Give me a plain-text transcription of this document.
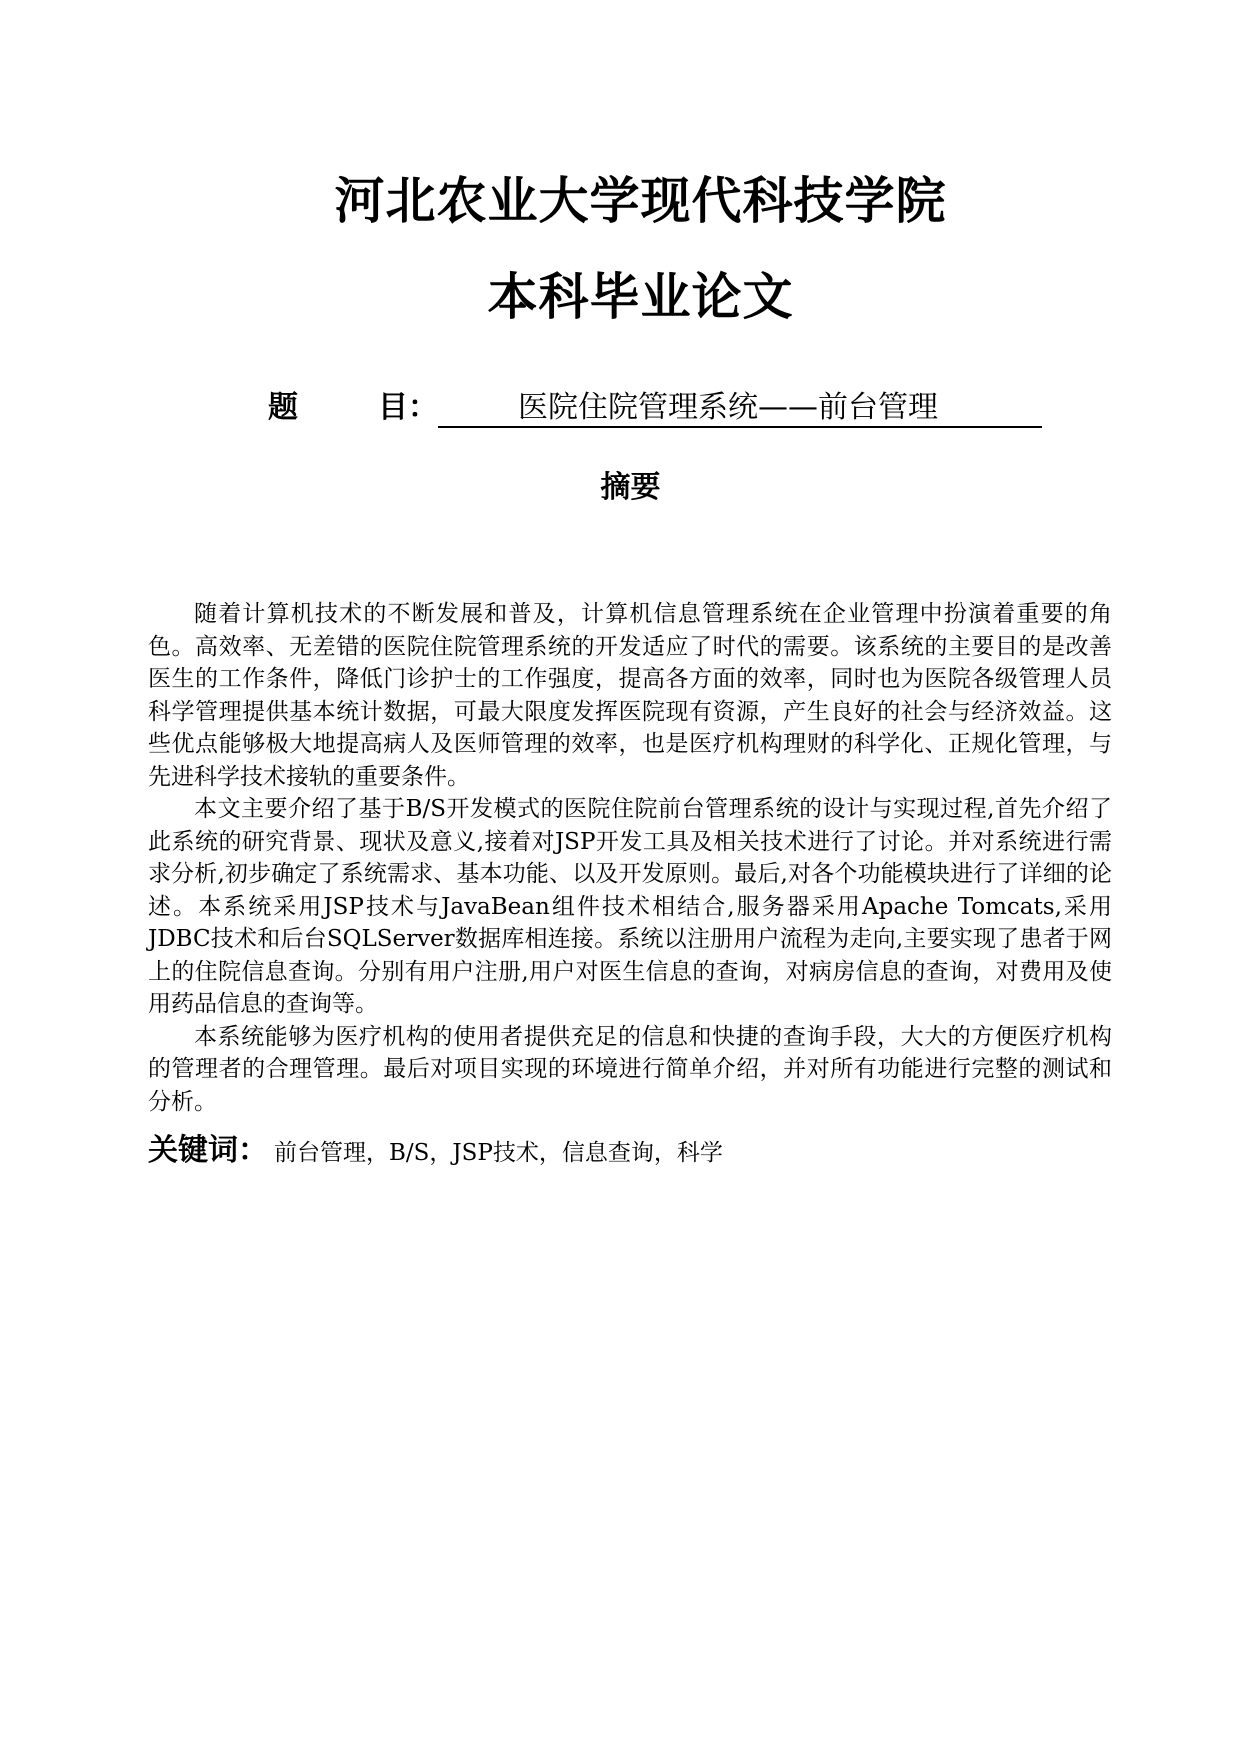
河北农业大学现代科技学院
本科毕业论文
题	目 ：	医院住院管理系统——前台管理
摘要

随着计算机技术的不断发展和普及，计算机信息管理系统在企业管理中扮演着重要的角色。高效率、无差错的医院住院管理系统的开发适应了时代的需要。该系统的主要目的是改善医生的工作条件，降低门诊护士的工作强度，提高各方面的效率，同时也为医院各级管理人员科学管理提供基本统计数据，可最大限度发挥医院现有资源，产生良好的社会与经济效益。这些优点能够极大地提高病人及医师管理的效率，也是医疗机构理财的科学化、正规化管理，与先进科学技术接轨的重要条件。

本文主要介绍了基于B/S开发模式的医院住院前台管理系统的设计与实现过程,首先介绍了此系统的研究背景、现状及意义,接着对JSP开发工具及相关技术进行了讨论。并对系统进行需求分析,初步确定了系统需求、基本功能、以及开发原则。最后,对各个功能模块进行了详细的论述。本系统采用JSP技术与JavaBean组件技术相结合,服务器采用Apache Tomcats,采用JDBC技术和后台SQLServer数据库相连接。系统以注册用户流程为走向,主要实现了患者于网上的住院信息查询。分别有用户注册,用户对医生信息的查询，对病房信息的查询，对费用及使用药品信息的查询等。

本系统能够为医疗机构的使用者提供充足的信息和快捷的查询手段，大大的方便医疗机构的管理者的合理管理。最后对项目实现的环境进行简单介绍，并对所有功能进行完整的测试和分析。

关键词： 前台管理，B/S，JSP技术，信息查询，科学
